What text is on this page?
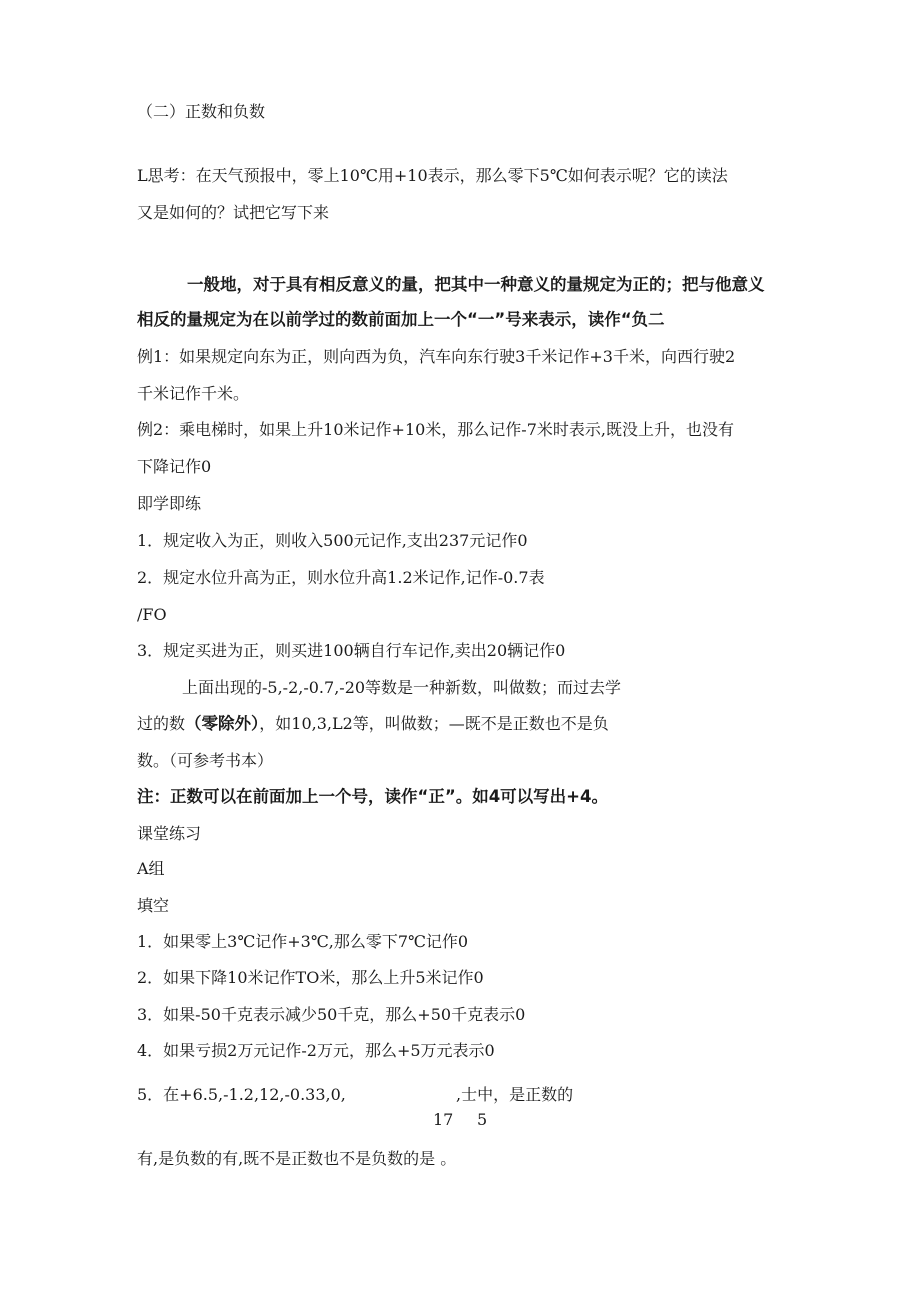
（二）正数和负数
L思考：在天气预报中，零上10℃用+10表示，那么零下5℃如何表示呢？它的读法
又是如何的？试把它写下来
一般地，对于具有相反意义的量，把其中一种意义的量规定为正的；把与他意义
相反的量规定为在以前学过的数前面加上一个“一”号来表示，读作“负二
例1：如果规定向东为正，则向西为负，汽车向东行驶3千米记作+3千米，向西行驶2
千米记作千米。
例2：乘电梯时，如果上升10米记作+10米，那么记作-7米时表示,既没上升，也没有
下降记作0
即学即练
1．规定收入为正，则收入500元记作,支出237元记作0
2．规定水位升高为正，则水位升高1.2米记作,记作-0.7表
/FO
3．规定买进为正，则买进100辆自行车记作,卖出20辆记作0
上面出现的-5,-2,-0.7,-20等数是一种新数，叫做数；而过去学
过的数（零除外），如10,3,L2等，叫做数；—既不是正数也不是负
数。（可参考书本）
注：正数可以在前面加上一个号，读作“正”。如4可以写出+4。
课堂练习
A组
填空
1．如果零上3℃记作+3℃,那么零下7℃记作0
2．如果下降10米记作TO米，那么上升5米记作0
3．如果-50千克表示减少50千克，那么+50千克表示0
4．如果亏损2万元记作-2万元，那么+5万元表示0
5．在+6.5,-1.2,12,-0.33,0,	,士中，是正数的
17 5
有,是负数的有,既不是正数也不是负数的是 。
